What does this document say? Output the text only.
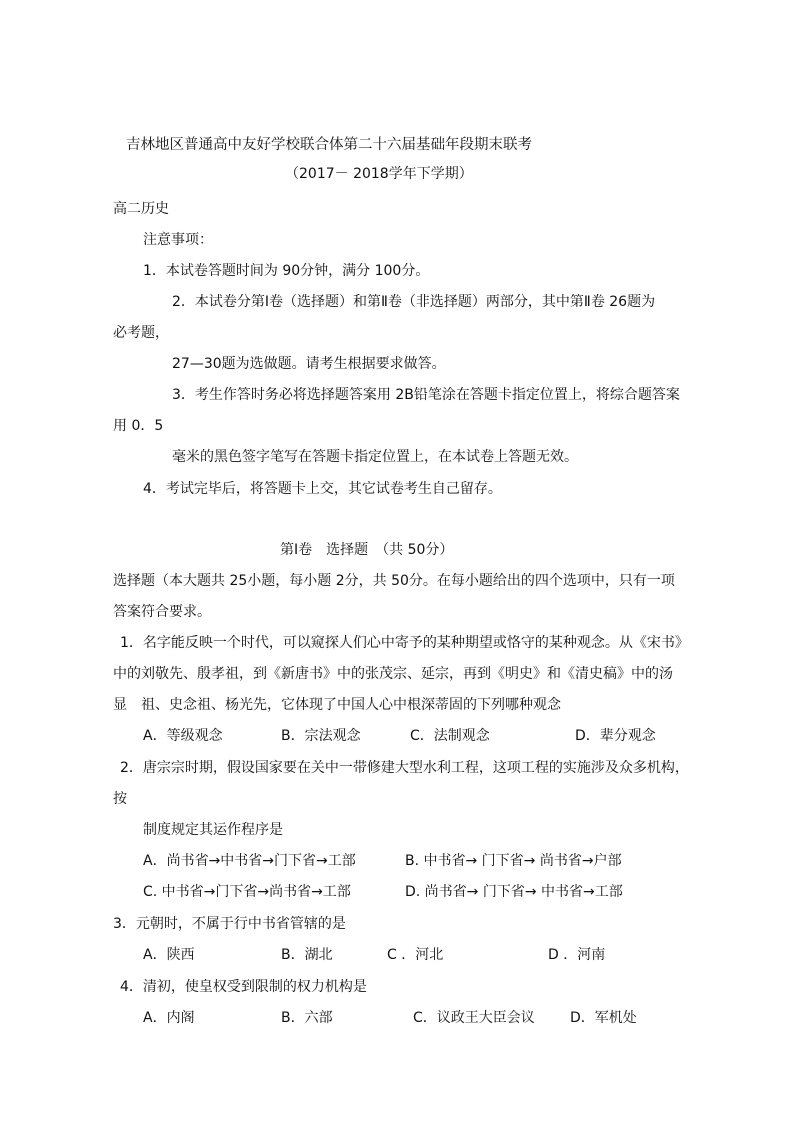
吉林地区普通高中友好学校联合体第二十六届基础年段期末联考
（2017－ 2018学年下学期）
高二历史
注意事项：
1．本试卷答题时间为 90分钟，满分 100分。
2．本试卷分第Ⅰ卷（选择题）和第Ⅱ卷（非选择题）两部分，其中第Ⅱ卷 26题为
必考题，
27—30题为选做题。请考生根据要求做答。
3．考生作答时务必将选择题答案用 2B铅笔涂在答题卡指定位置上，将综合题答案
用 0．5
毫米的黑色签字笔写在答题卡指定位置上，在本试卷上答题无效。
4．考试完毕后，将答题卡上交，其它试卷考生自己留存。
第Ⅰ卷　选择题　（共 50分）
选择题（本大题共 25小题，每小题 2分，共 50分。在每小题给出的四个选项中，只有一项
答案符合要求。
1．名字能反映一个时代，可以窥探人们心中寄予的某种期望或恪守的某种观念。从《宋书》
中的刘敬先、殷孝祖，到《新唐书》中的张茂宗、延宗，再到《明史》和《清史稿》中的汤
显　祖、史念祖、杨光先，它体现了中国人心中根深蒂固的下列哪种观念
A．等级观念	B．宗法观念	C．法制观念	D．辈分观念
2．唐宗宗时期，假设国家要在关中一带修建大型水利工程，这项工程的实施涉及众多机构，
按
制度规定其运作程序是
A．尚书省→中书省→门下省→工部	B. 中书省→ 门下省→ 尚书省→户部
C. 中书省→门下省→尚书省→工部	D. 尚书省→ 门下省→ 中书省→工部
3．元朝时，不属于行中书省管辖的是
A．陕西	B．湖北	C ．河北	D ．河南
4．清初，使皇权受到限制的权力机构是
A．内阁	B．六部	C．议政王大臣会议	D．军机处
